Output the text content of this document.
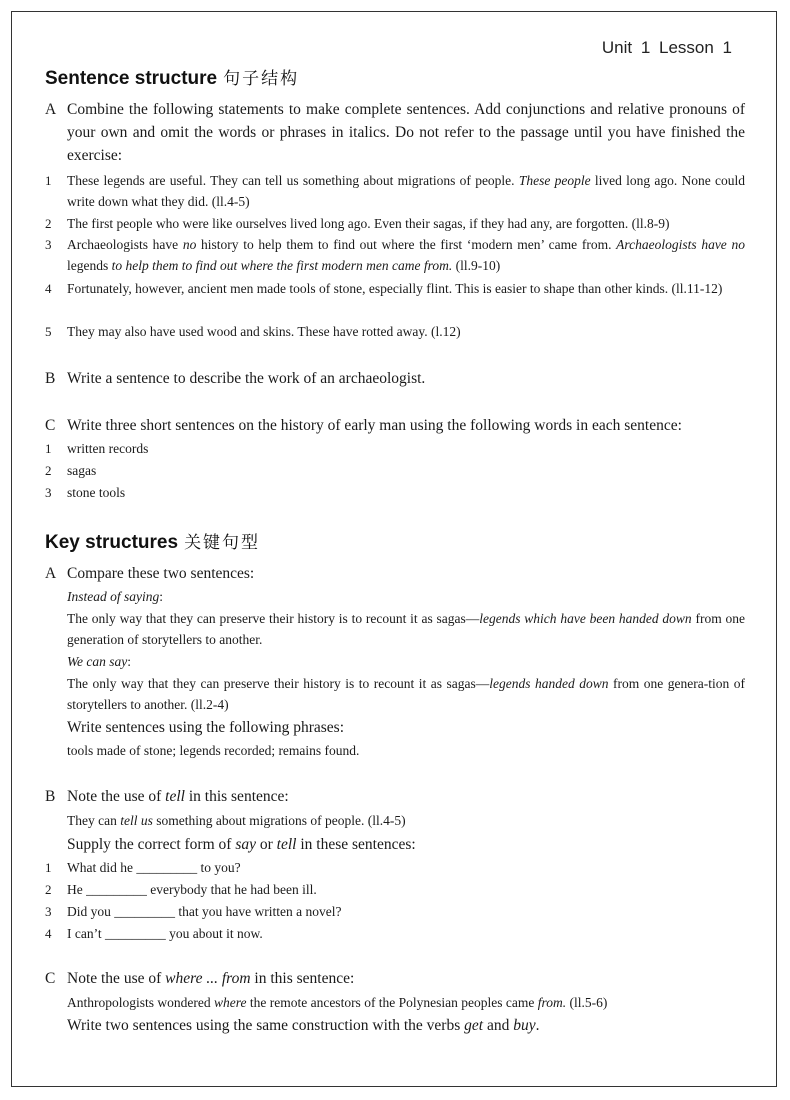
Unit 1 Lesson 1
Sentence structure 句子结构
A Combine the following statements to make complete sentences. Add conjunctions and relative pronouns of your own and omit the words or phrases in italics. Do not refer to the passage until you have finished the exercise:
1	These legends are useful. They can tell us something about migrations of people. These people lived long ago. None could write down what they did. (ll.4-5)
2	The first people who were like ourselves lived long ago. Even their sagas, if they had any, are forgotten. (ll.8-9)
3	Archaeologists have no history to help them to find out where the first ‘modern men’ came from. Archaeologists have no legends to help them to find out where the first modern men came from. (ll.9-10)
4	Fortunately, however, ancient men made tools of stone, especially flint. This is easier to shape than other kinds. (ll.11-12)
5	They may also have used wood and skins. These have rotted away. (l.12)
B Write a sentence to describe the work of an archaeologist.
C Write three short sentences on the history of early man using the following words in each sentence:
1	written records
2	sagas
3	stone tools
Key structures 关键句型
A Compare these two sentences:
Instead of saying:
The only way that they can preserve their history is to recount it as sagas—legends which have been handed down from one generation of storytellers to another.
We can say:
The only way that they can preserve their history is to recount it as sagas—legends handed down from one genera-tion of storytellers to another. (ll.2-4)
Write sentences using the following phrases:
tools made of stone; legends recorded; remains found.
B Note the use of tell in this sentence:
They can tell us something about migrations of people. (ll.4-5)
Supply the correct form of say or tell in these sentences:
1	What did he _________ to you?
2	He _________ everybody that he had been ill.
3	Did you _________ that you have written a novel?
4	I can’t _________ you about it now.
C Note the use of where ... from in this sentence:
Anthropologists wondered where the remote ancestors of the Polynesian peoples came from. (ll.5-6)
Write two sentences using the same construction with the verbs get and buy.
